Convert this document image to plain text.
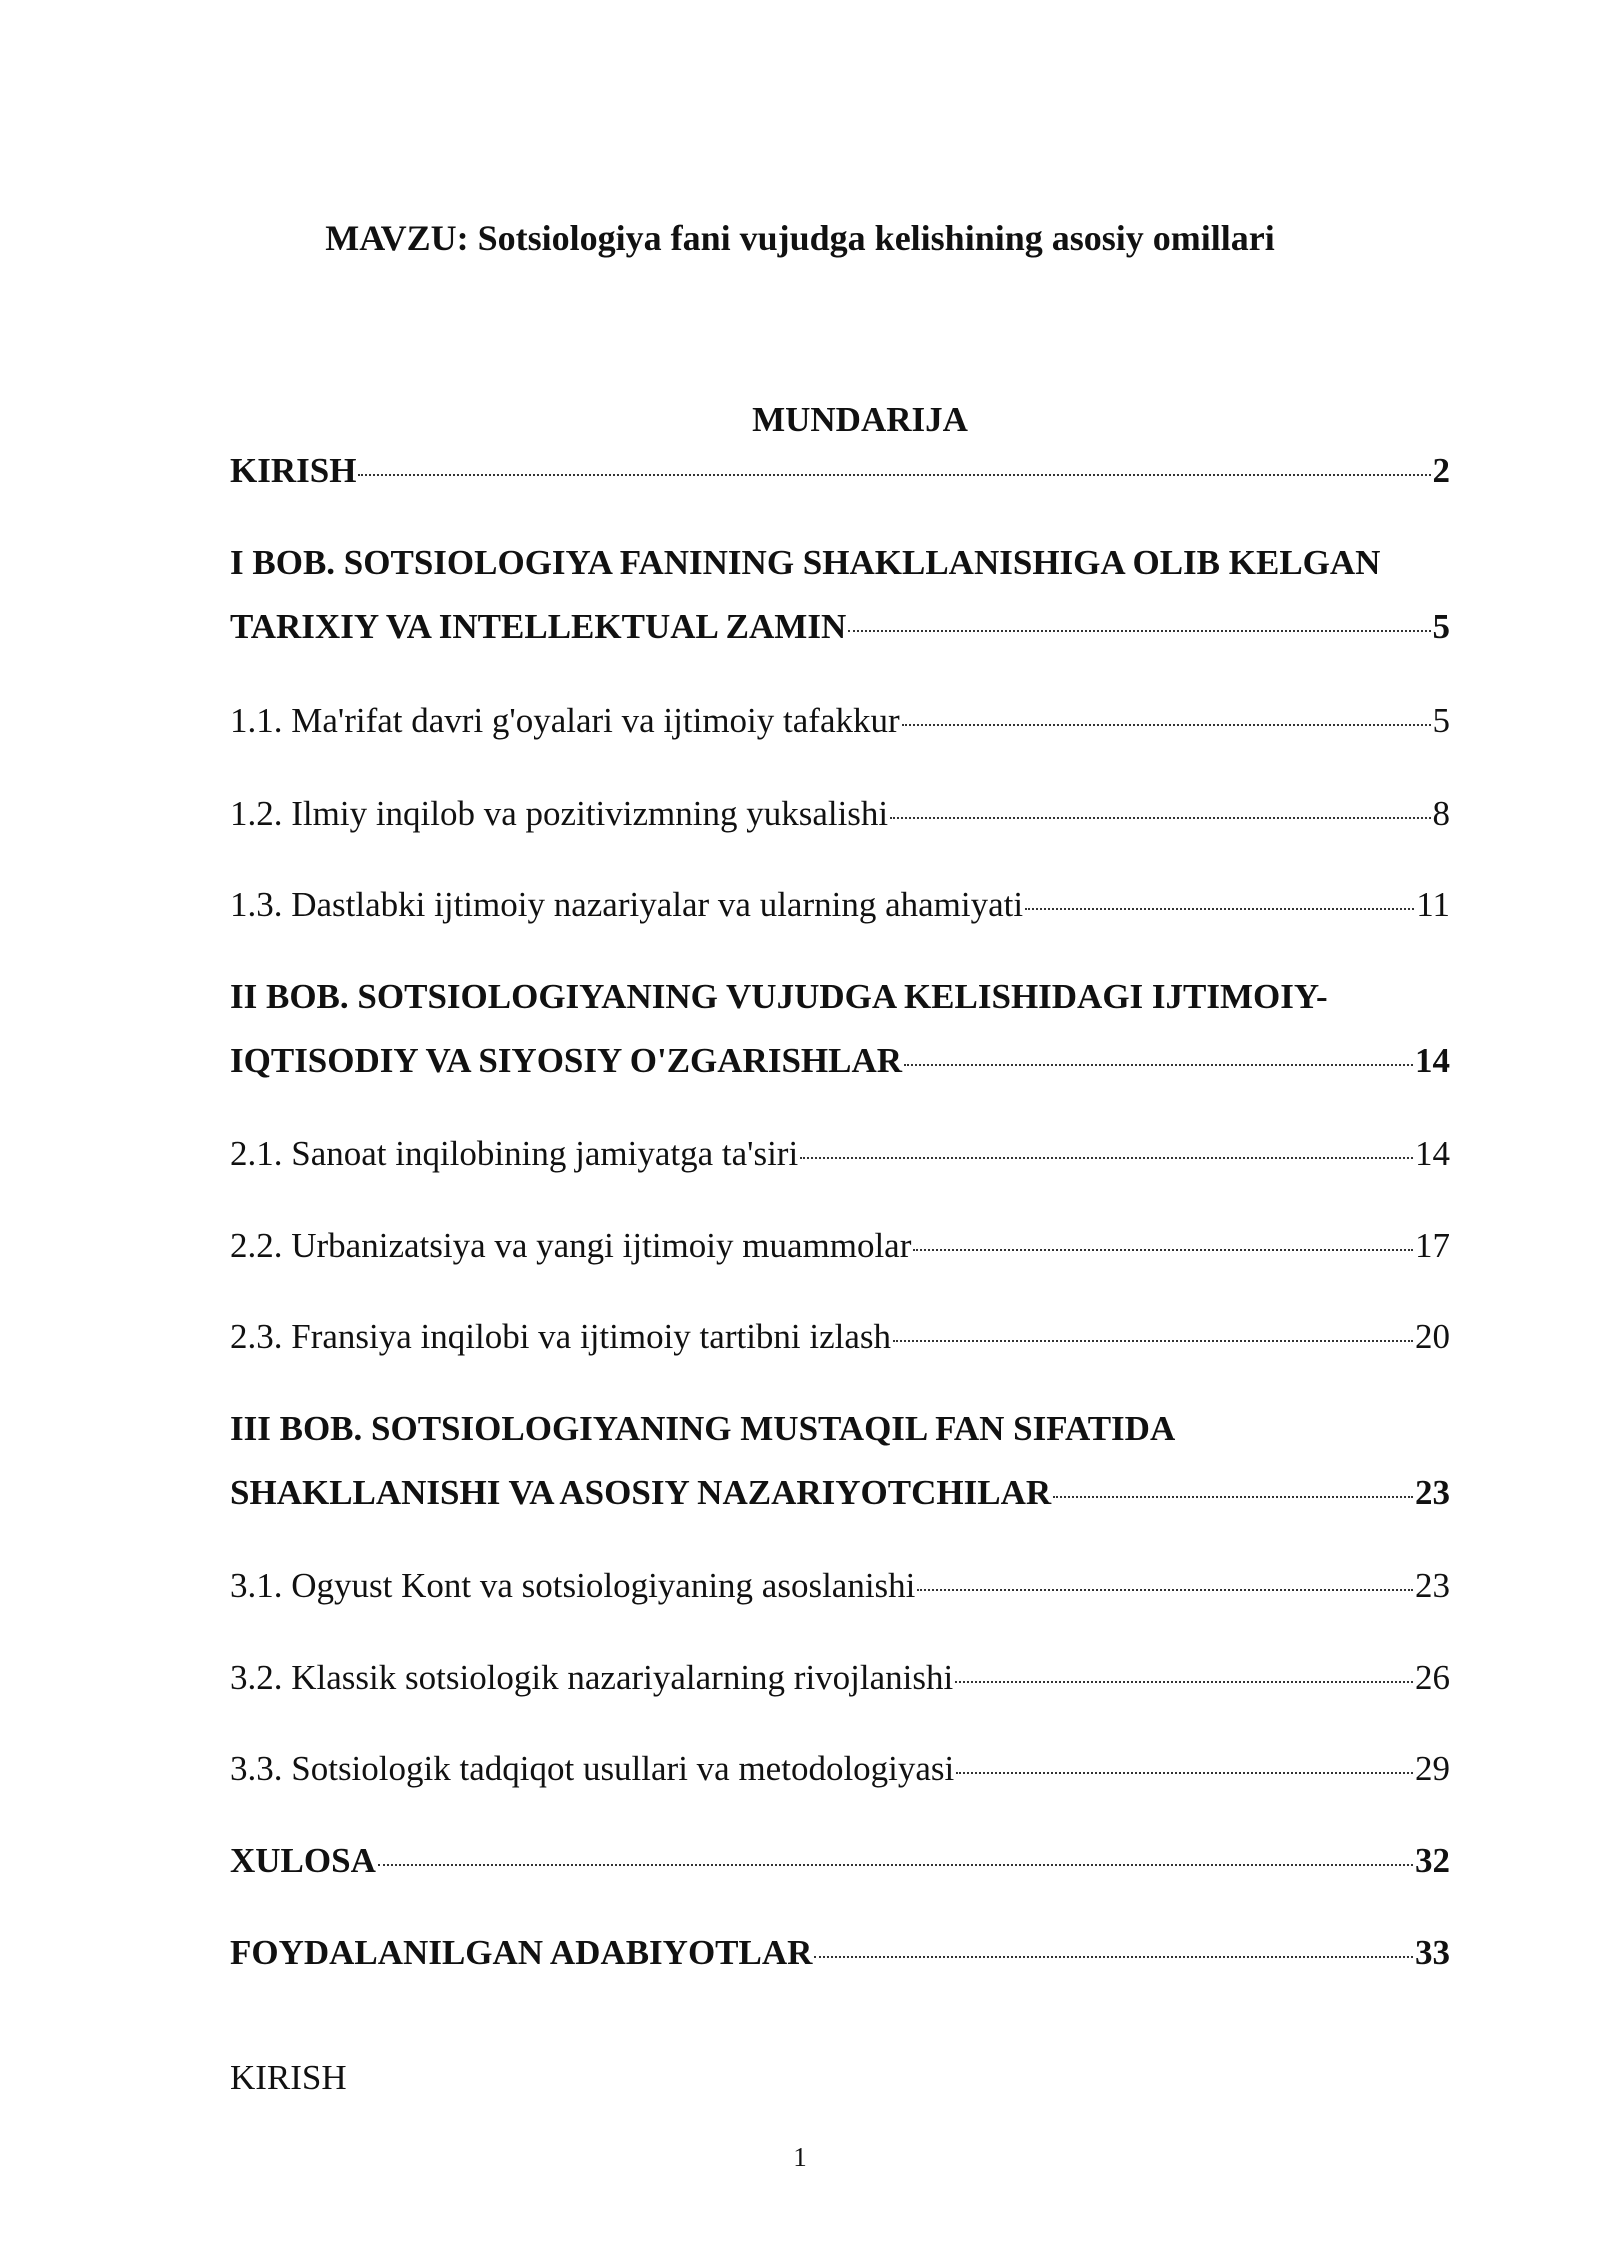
MAVZU: Sotsiologiya fani vujudga kelishining asosiy omillari
MUNDARIJA
KIRISH	2
I BOB. SOTSIOLOGIYA FANINING SHAKLLANISHIGA OLIB KELGAN
TARIXIY VA INTELLEKTUAL ZAMIN	5
1.1. Ma'rifat davri g'oyalari va ijtimoiy tafakkur	5
1.2. Ilmiy inqilob va pozitivizmning yuksalishi	8
1.3. Dastlabki ijtimoiy nazariyalar va ularning ahamiyati	11
II BOB. SOTSIOLOGIYANING VUJUDGA KELISHIDAGI IJTIMOIY-
IQTISODIY VA SIYOSIY O'ZGARISHLAR	14
2.1. Sanoat inqilobining jamiyatga ta'siri	14
2.2. Urbanizatsiya va yangi ijtimoiy muammolar	17
2.3. Fransiya inqilobi va ijtimoiy tartibni izlash	20
III BOB. SOTSIOLOGIYANING MUSTAQIL FAN SIFATIDA
SHAKLLANISHI VA ASOSIY NAZARIYOTCHILAR	23
3.1. Ogyust Kont va sotsiologiyaning asoslanishi	23
3.2. Klassik sotsiologik nazariyalarning rivojlanishi	26
3.3. Sotsiologik tadqiqot usullari va metodologiyasi	29
XULOSA	32
FOYDALANILGAN ADABIYOTLAR	33
KIRISH
1
